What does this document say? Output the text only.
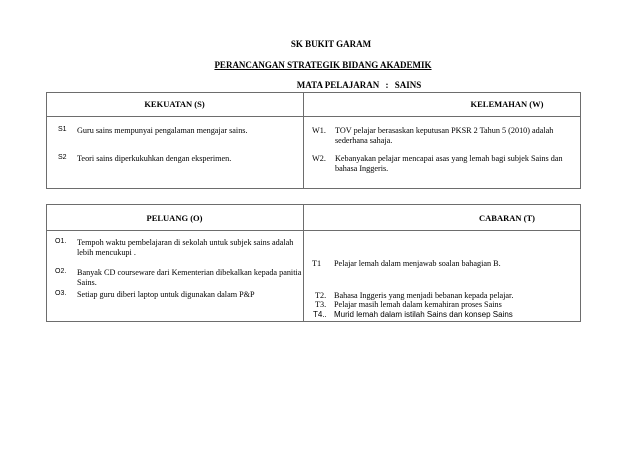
SK BUKIT GARAM
PERANCANGAN STRATEGIK BIDANG AKADEMIK
MATA PELAJARAN : SAINS
KEKUATAN (S)	KELEMAHAN (W)
S1 Guru sains mempunyai pengalaman mengajar sains.
S2 Teori sains diperkukuhkan dengan eksperimen.
W1. TOV pelajar berasaskan keputusan PKSR 2 Tahun 5 (2010) adalah sederhana sahaja.
W2. Kebanyakan pelajar mencapai asas yang lemah bagi subjek Sains dan bahasa Inggeris.
PELUANG (O)	CABARAN (T)
O1. Tempoh waktu pembelajaran di sekolah untuk subjek sains adalah lebih mencukupi .
O2. Banyak CD courseware dari Kementerian dibekalkan kepada panitia Sains.
O3. Setiap guru diberi laptop untuk digunakan dalam P&P
T1 Pelajar lemah dalam menjawab soalan bahagian B.
T2. Bahasa Inggeris yang menjadi bebanan kepada pelajar.
T3. Pelajar masih lemah dalam kemahiran proses Sains
T4.. Murid lemah dalam istilah Sains dan konsep Sains
